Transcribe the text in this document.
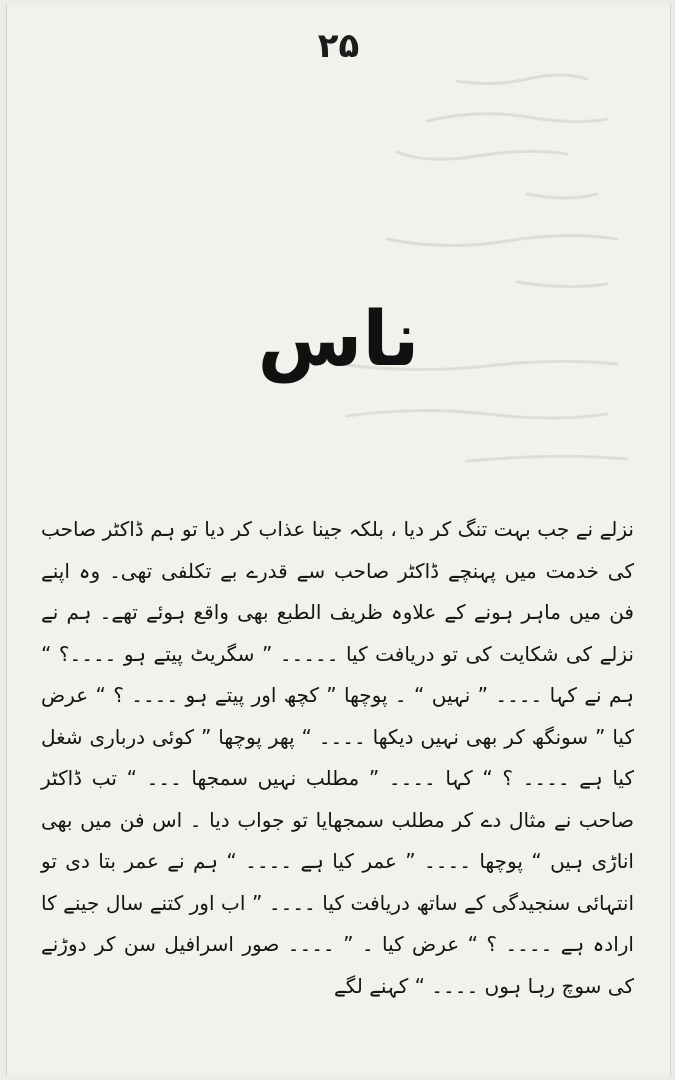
۲۵
ناس

نزلے نے جب بہت تنگ کر دیا ، بلکہ جینا عذاب کر دیا تو ہم ڈاکٹر صاحب کی خدمت میں پہنچے ڈاکٹر صاحب سے قدرے بے تکلفی تھی۔ وہ اپنے فن میں ماہر ہونے کے علاوہ ظریف الطبع بھی واقع ہوئے تھے۔ ہم نے نزلے کی شکایت کی تو دریافت کیا ۔۔۔۔۔ ” سگریٹ پیتے ہو ۔۔۔۔؟ “ ہم نے کہا ۔۔۔۔ ” نہیں “ ۔ پوچھا ” کچھ اور پیتے ہو ۔۔۔۔ ؟ “ عرض کیا ” سونگھ کر بھی نہیں دیکھا ۔۔۔۔ “ پھر پوچھا ” کوئی درباری شغل کیا ہے ۔۔۔۔ ؟ “ کہا ۔۔۔۔ ” مطلب نہیں سمجھا ۔۔۔ “ تب ڈاکٹر صاحب نے مثال دے کر مطلب سمجھایا تو جواب دیا ۔ اس فن میں بھی اناڑی ہیں “ پوچھا ۔۔۔۔ ” عمر کیا ہے ۔۔۔۔ “ ہم نے عمر بتا دی تو انتہائی سنجیدگی کے ساتھ دریافت کیا ۔۔۔۔ ” اب اور کتنے سال جینے کا ارادہ ہے ۔۔۔۔ ؟ “ عرض کیا ۔ ” ۔۔۔۔ صور اسرافیل سن کر دوڑنے کی سوچ رہا ہوں ۔۔۔۔ “ کہنے لگے
